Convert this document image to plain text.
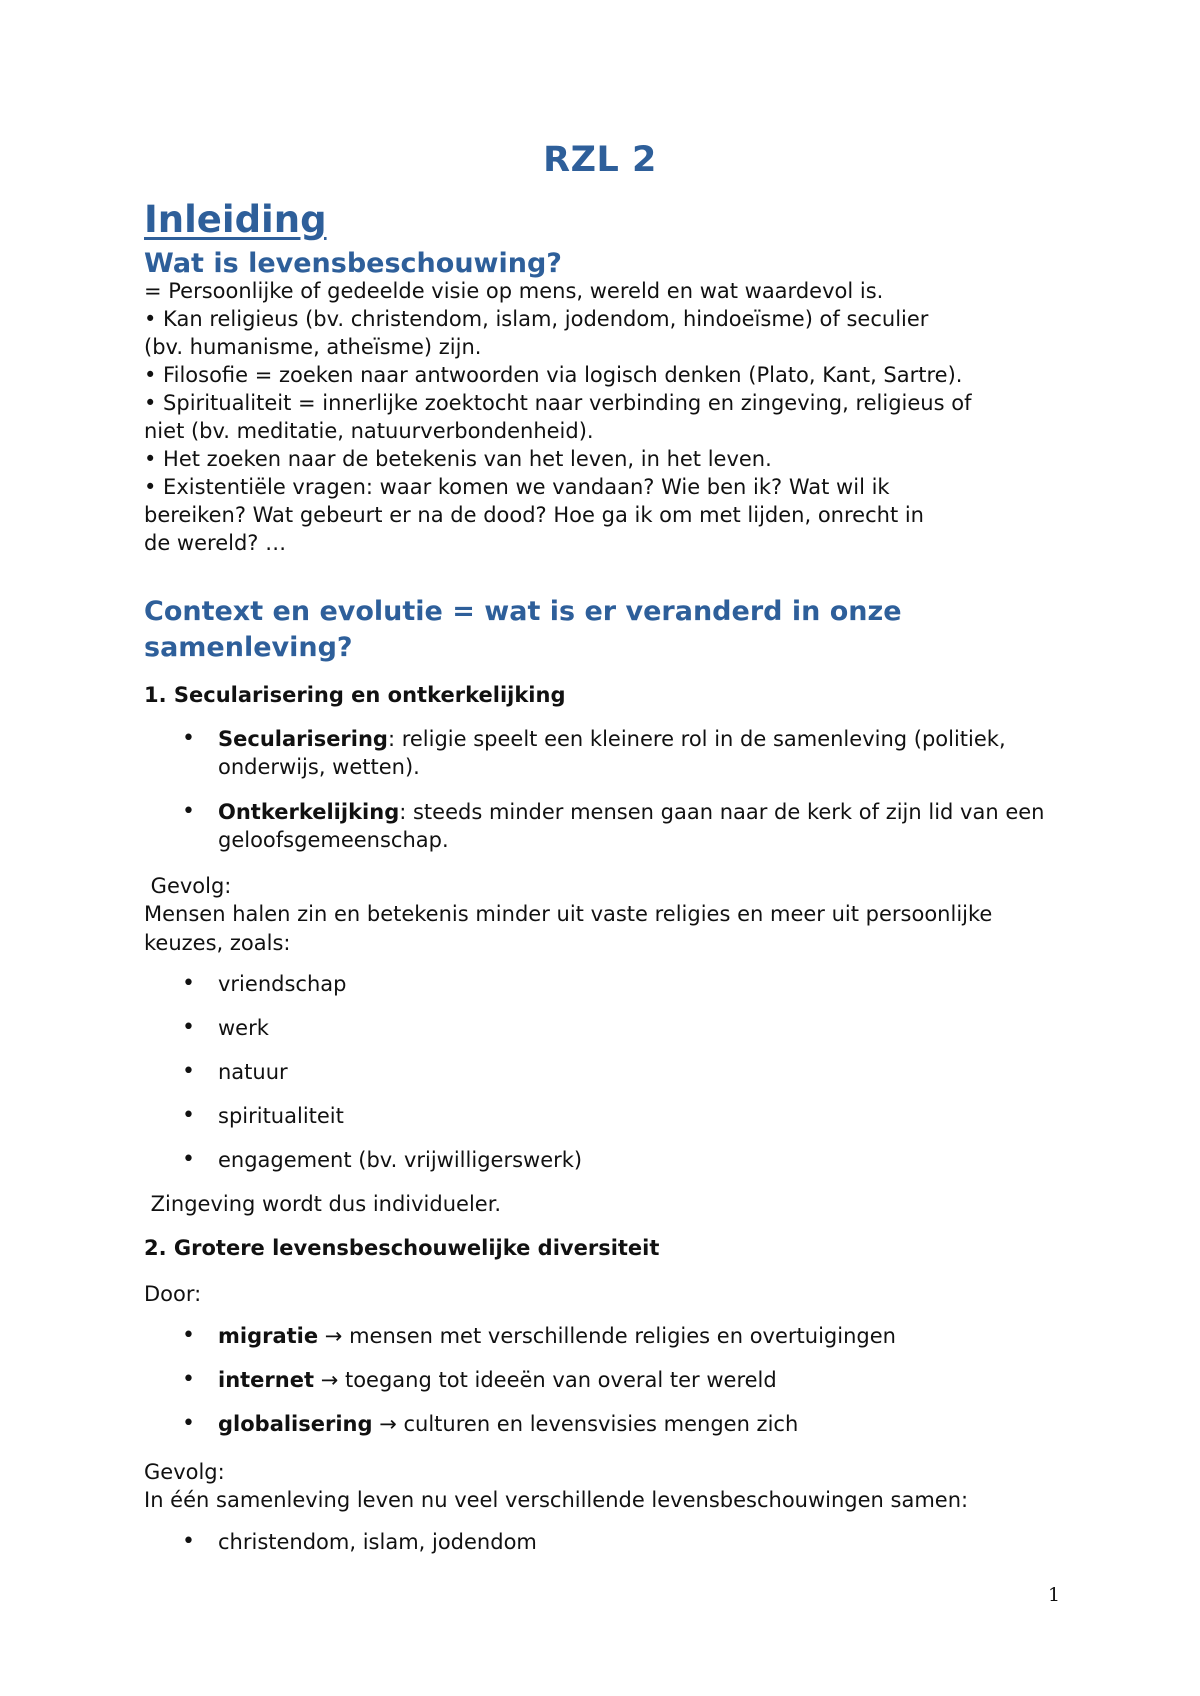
RZL 2
Inleiding
Wat is levensbeschouwing?
= Persoonlijke of gedeelde visie op mens, wereld en wat waardevol is.
• Kan religieus (bv. christendom, islam, jodendom, hindoeïsme) of seculier
(bv. humanisme, atheïsme) zijn.
• Filosofie = zoeken naar antwoorden via logisch denken (Plato, Kant, Sartre).
• Spiritualiteit = innerlijke zoektocht naar verbinding en zingeving, religieus of
niet (bv. meditatie, natuurverbondenheid).
• Het zoeken naar de betekenis van het leven, in het leven.
• Existentiële vragen: waar komen we vandaan? Wie ben ik? Wat wil ik
bereiken? Wat gebeurt er na de dood? Hoe ga ik om met lijden, onrecht in
de wereld? …
Context en evolutie = wat is er veranderd in onze
samenleving?
1. Secularisering en ontkerkelijking
•	Secularisering: religie speelt een kleinere rol in de samenleving (politiek, onderwijs, wetten).
•	Ontkerkelijking: steeds minder mensen gaan naar de kerk of zijn lid van een geloofsgemeenschap.
Gevolg:
Mensen halen zin en betekenis minder uit vaste religies en meer uit persoonlijke keuzes, zoals:
•	vriendschap
•	werk
•	natuur
•	spiritualiteit
•	engagement (bv. vrijwilligerswerk)
Zingeving wordt dus individueler.
2. Grotere levensbeschouwelijke diversiteit
Door:
•	migratie → mensen met verschillende religies en overtuigingen
•	internet → toegang tot ideeën van overal ter wereld
•	globalisering → culturen en levensvisies mengen zich
Gevolg:
In één samenleving leven nu veel verschillende levensbeschouwingen samen:
•	christendom, islam, jodendom
1
